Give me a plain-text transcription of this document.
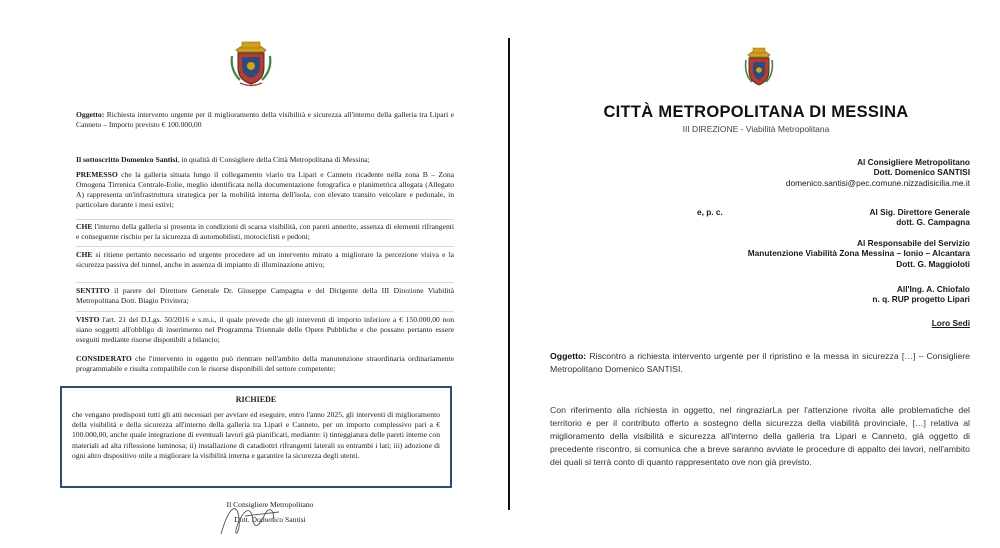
Oggetto: Richiesta intervento urgente per il miglioramento della visibilità e sicurezza all'interno della galleria tra Lipari e Canneto – Importo previsto € 100.000,00
Il sottoscritto Domenico Santisi, in qualità di Consigliere della Città Metropolitana di Messina;
PREMESSO che la galleria situata lungo il collegamento viario tra Lipari e Canneto ricadente nella zona B – Zona Omogena Tirrenica Centrale-Eolie, meglio identificata nella documentazione fotografica e planimetrica allegata (Allegato A) rappresenta un'infrastruttura strategica per la mobilità interna dell'isola, con elevato transito veicolare e pedonale, in particolare durante i mesi estivi;
CHE l'interno della galleria si presenta in condizioni di scarsa visibilità, con pareti annerite, assenza di elementi rifrangenti e conseguente rischio per la sicurezza di automobilisti, motociclisti e pedoni;
CHE si ritiene pertanto necessario ed urgente procedere ad un intervento mirato a migliorare la percezione visiva e la sicurezza passiva del tunnel, anche in assenza di impianto di illuminazione attivo;
SENTITO il parere del Direttore Generale Dr. Giuseppe Campagna e del Dirigente della III Direzione Viabilità Metropolitana Dott. Biagio Privitera;
VISTO l'art. 21 del D.Lgs. 50/2016 e s.m.i., il quale prevede che gli interventi di importo inferiore a € 150.000,00 non siano soggetti all'obbligo di inserimento nel Programma Triennale delle Opere Pubbliche e che possano pertanto essere eseguiti mediante risorse disponibili a bilancio;
CONSIDERATO che l'intervento in oggetto può rientrare nell'ambito della manutenzione straordinaria ordinariamente programmabile e risulta compatibile con le risorse disponibili del settore competente;
RICHIEDE
che vengano predisposti tutti gli atti necessari per avviare ed eseguire, entro l'anno 2025, gli interventi di miglioramento della visibilità e della sicurezza all'interno della galleria tra Lipari e Canneto, per un importo complessivo pari a € 100.000,00, anche quale integrazione di eventuali lavori già pianificati, mediante: i) tinteggiatura delle pareti interne con materiali ad alta riflessione luminosa; ii) installazione di catadiottri rifrangenti laterali su entrambi i lati; iii) adozione di ogni altro dispositivo utile a migliorare la visibilità interna e garantire la sicurezza degli utenti.
Il Consigliere Metropolitano
Dott. Domenico Santisi
CITTÀ METROPOLITANA DI MESSINA
III DIREZIONE - Viabilità Metropolitana
Al Consigliere Metropolitano
Dott. Domenico SANTISI
domenico.santisi@pec.comune.nizzadisicilia.me.it
e, p. c.	Al Sig. Direttore Generale
dott. G. Campagna
Al Responsabile del Servizio
Manutenzione Viabilità Zona Messina – Ionio – Alcantara
Dott. G. Maggioloti
All'Ing. A. Chiofalo
n. q. RUP progetto Lipari
Loro Sedi
Oggetto: Riscontro a richiesta intervento urgente per il ripristino e la messa in sicurezza […] – Consigliere Metropolitano Domenico SANTISI.
Con riferimento alla richiesta in oggetto, nel ringraziarLa per l'attenzione rivolta alle problematiche del territorio e per il contributo offerto a sostegno della sicurezza della viabilità provinciale, […] relativa al miglioramento della visibilità e sicurezza all'interno della galleria tra Lipari e Canneto, già oggetto di precedente riscontro, si comunica che a breve saranno avviate le procedure di appalto dei lavori, nell'ambito dei quali si terrà conto di quanto rappresentato ove non già previsto.
